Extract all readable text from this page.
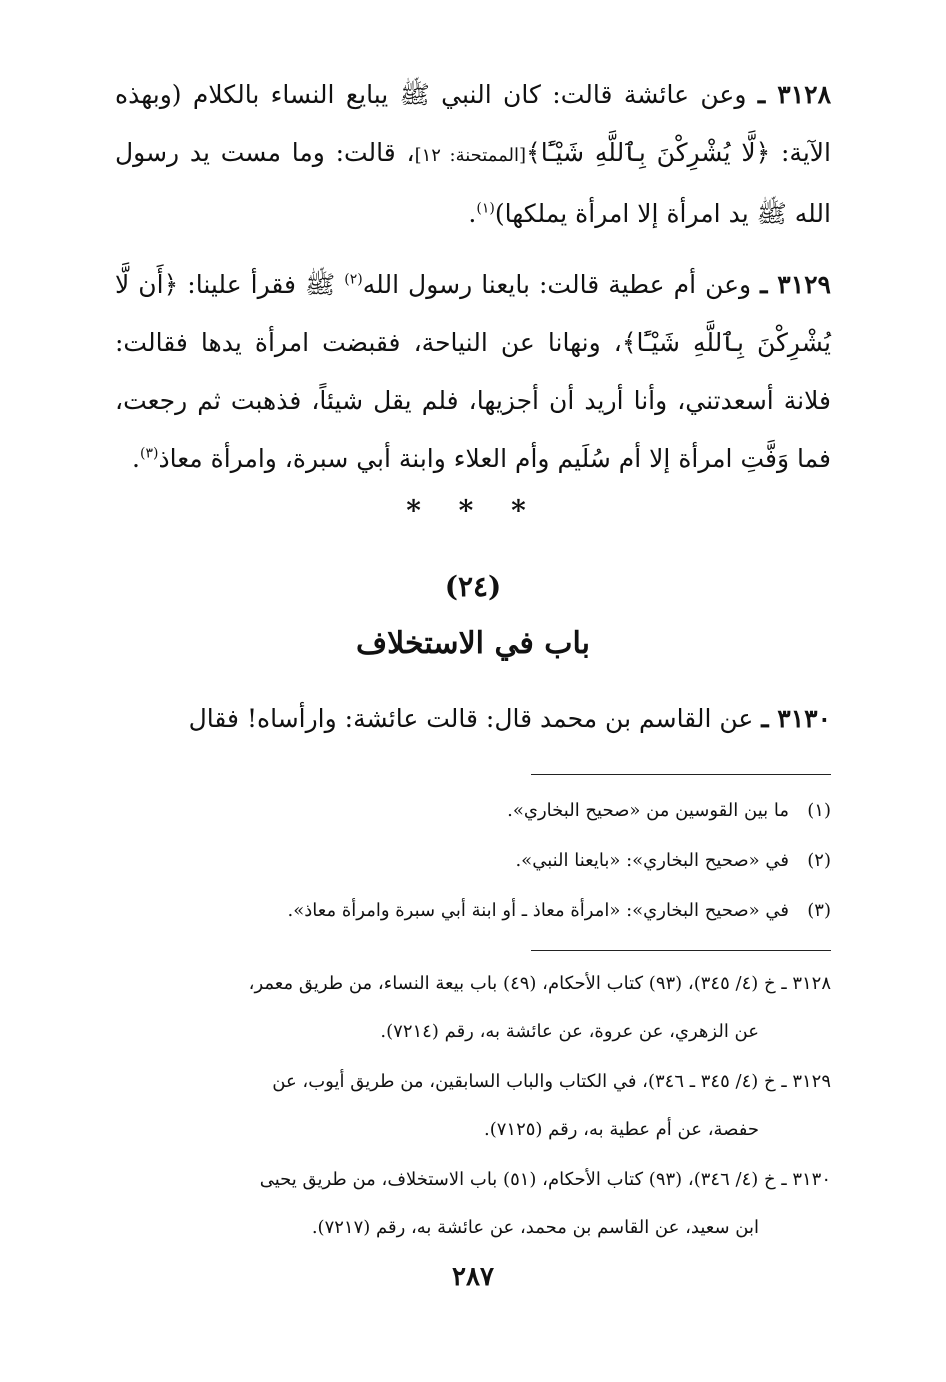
٣١٢٨ ـ وعن عائشة قالت: كان النبي ﷺ يبايع النساء بالكلام (وبهذه الآية: ﴿لَّا يُشْرِكْنَ بِٱللَّهِ شَيْـًٔا﴾[الممتحنة: ١٢]، قالت: وما مست يد رسول الله ﷺ يد امرأة إلا امرأة يملكها)$^{(١)}$.

٣١٢٩ ـ وعن أم عطية قالت: بايعنا رسول الله$^{(٢)}$ ﷺ فقرأ علينا: ﴿أَن لَّا يُشْرِكْنَ بِٱللَّهِ شَيْـًٔا﴾، ونهانا عن النياحة، فقبضت امرأة يدها فقالت: فلانة أسعدتني، وأنا أريد أن أجزيها، فلم يقل شيئاً، فذهبت ثم رجعت، فما وَفَّتِ امرأة إلا أم سُلَيم وأم العلاء وابنة أبي سبرة، وامرأة معاذ$^{(٣)}$.

* * *
(٢٤)
باب في الاستخلاف

٣١٣٠ ـ عن القاسم بن محمد قال: قالت عائشة: وارأساه! فقال

(١)ما بين القوسين من «صحيح البخاري».
(٢)في «صحيح البخاري»: «بايعنا النبي».
(٣)في «صحيح البخاري»: «امرأة معاذ ـ أو ابنة أبي سبرة وامرأة معاذ».
٣١٢٨ ـ خ (٤/ ٣٤٥)، (٩٣) كتاب الأحكام، (٤٩) باب بيعة النساء، من طريق معمر،
عن الزهري، عن عروة، عن عائشة به، رقم (٧٢١٤).
٣١٢٩ ـ خ (٤/ ٣٤٥ ـ ٣٤٦)، في الكتاب والباب السابقين، من طريق أيوب، عن
حفصة، عن أم عطية به، رقم (٧١٢٥).
٣١٣٠ ـ خ (٤/ ٣٤٦)، (٩٣) كتاب الأحكام، (٥١) باب الاستخلاف، من طريق يحيى
ابن سعيد، عن القاسم بن محمد، عن عائشة به، رقم (٧٢١٧).
٢٨٧
